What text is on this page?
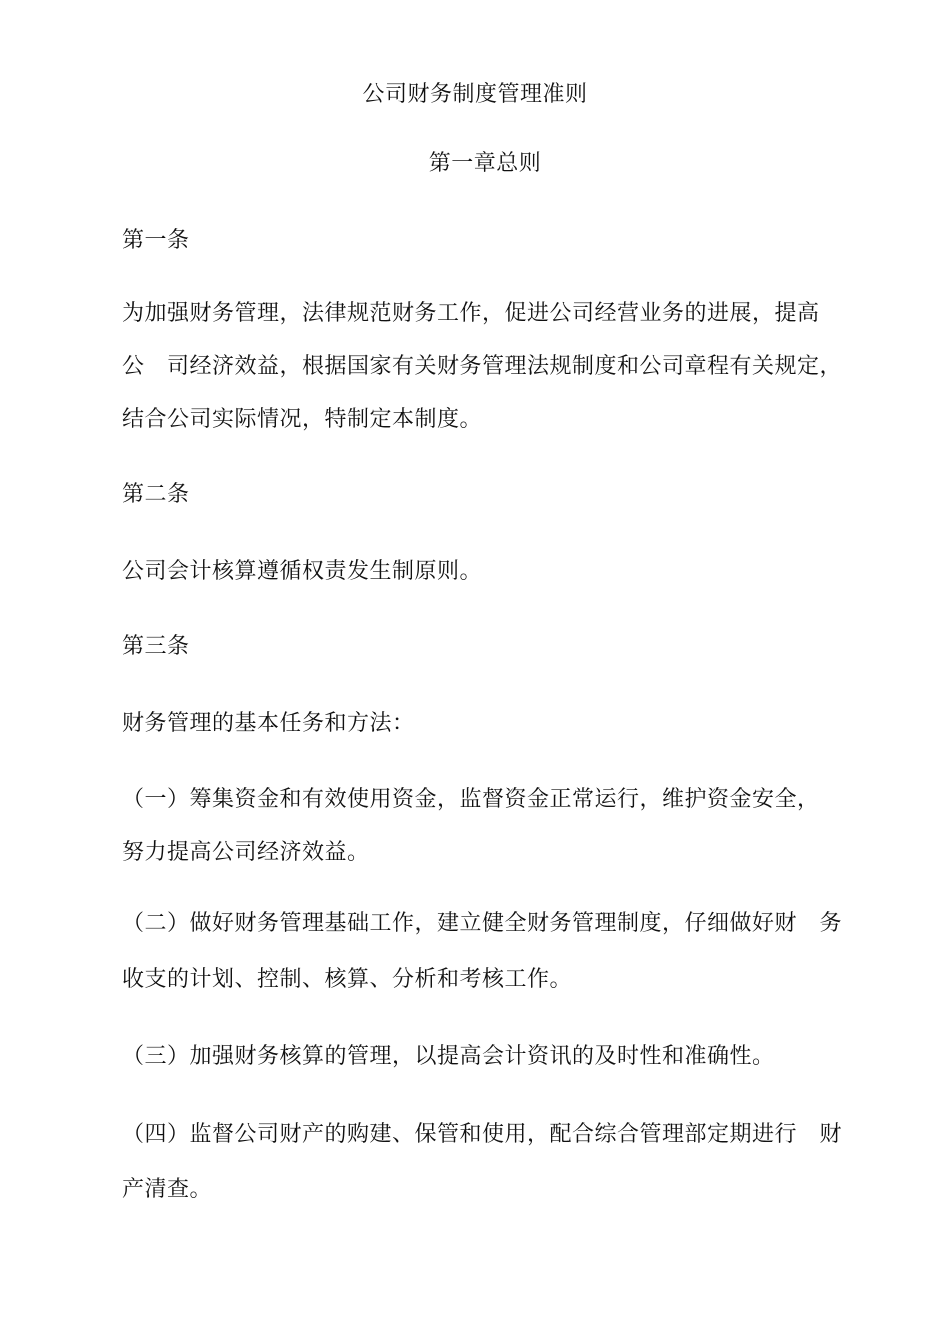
公司财务制度管理准则
第一章总则
第一条
为加强财务管理，法律规范财务工作，促进公司经营业务的进展，提高
公　司经济效益，根据国家有关财务管理法规制度和公司章程有关规定，
结合公司实际情况，特制定本制度。
第二条
公司会计核算遵循权责发生制原则。
第三条
财务管理的基本任务和方法：
（一）筹集资金和有效使用资金，监督资金正常运行，维护资金安全，
努力提高公司经济效益。
（二）做好财务管理基础工作，建立健全财务管理制度，仔细做好财　务
收支的计划、控制、核算、分析和考核工作。
（三）加强财务核算的管理，以提高会计资讯的及时性和准确性。
（四）监督公司财产的购建、保管和使用，配合综合管理部定期进行　财
产清查。
